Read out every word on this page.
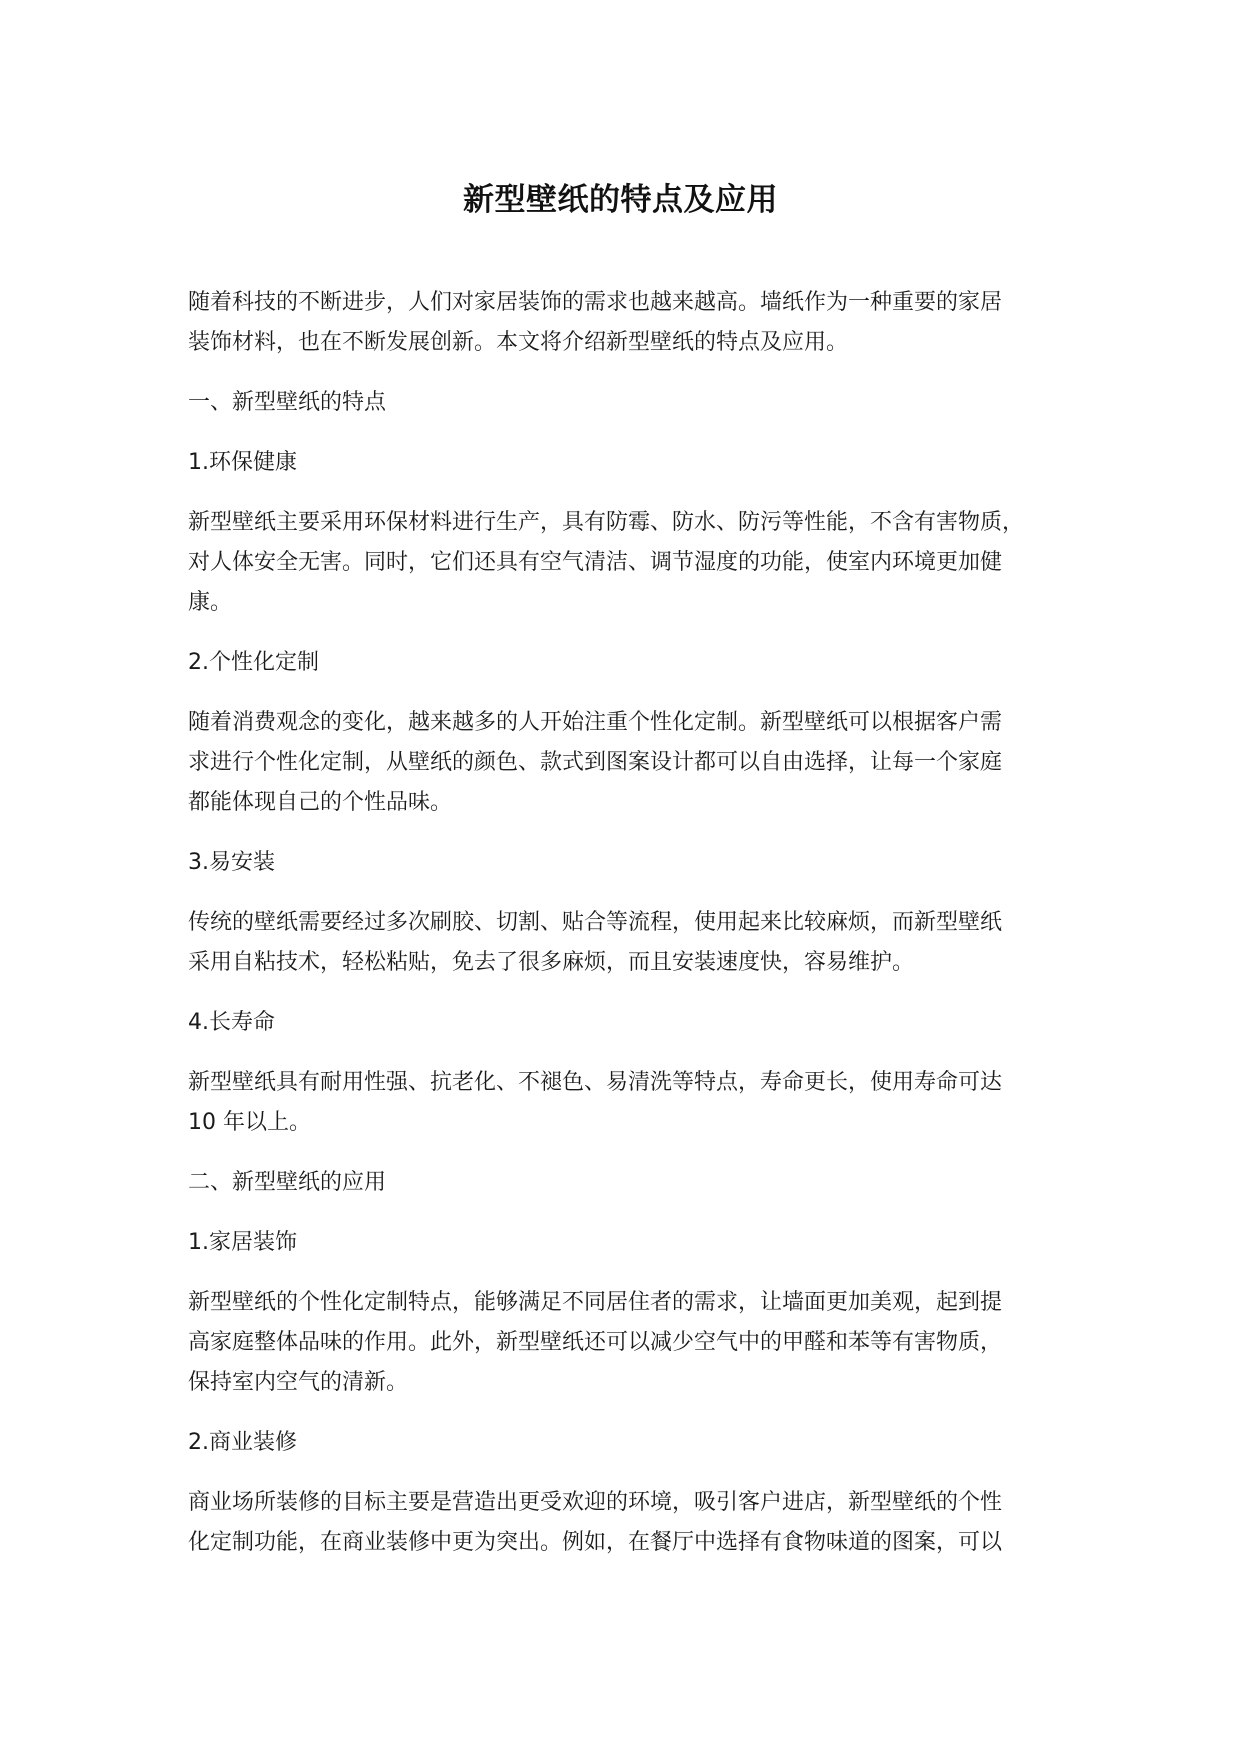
新型壁纸的特点及应用

随着科技的不断进步，人们对家居装饰的需求也越来越高。墙纸作为一种重要的家居
装饰材料，也在不断发展创新。本文将介绍新型壁纸的特点及应用。

一、新型壁纸的特点
1.环保健康

新型壁纸主要采用环保材料进行生产，具有防霉、防水、防污等性能，不含有害物质，
对人体安全无害。同时，它们还具有空气清洁、调节湿度的功能，使室内环境更加健
康。

2.个性化定制

随着消费观念的变化，越来越多的人开始注重个性化定制。新型壁纸可以根据客户需
求进行个性化定制，从壁纸的颜色、款式到图案设计都可以自由选择，让每一个家庭
都能体现自己的个性品味。

3.易安装

传统的壁纸需要经过多次刷胶、切割、贴合等流程，使用起来比较麻烦，而新型壁纸
采用自粘技术，轻松粘贴，免去了很多麻烦，而且安装速度快，容易维护。

4.长寿命

新型壁纸具有耐用性强、抗老化、不褪色、易清洗等特点，寿命更长，使用寿命可达
10 年以上。

二、新型壁纸的应用
1.家居装饰

新型壁纸的个性化定制特点，能够满足不同居住者的需求，让墙面更加美观，起到提
高家庭整体品味的作用。此外，新型壁纸还可以减少空气中的甲醛和苯等有害物质，
保持室内空气的清新。

2.商业装修

商业场所装修的目标主要是营造出更受欢迎的环境，吸引客户进店，新型壁纸的个性
化定制功能，在商业装修中更为突出。例如，在餐厅中选择有食物味道的图案，可以
